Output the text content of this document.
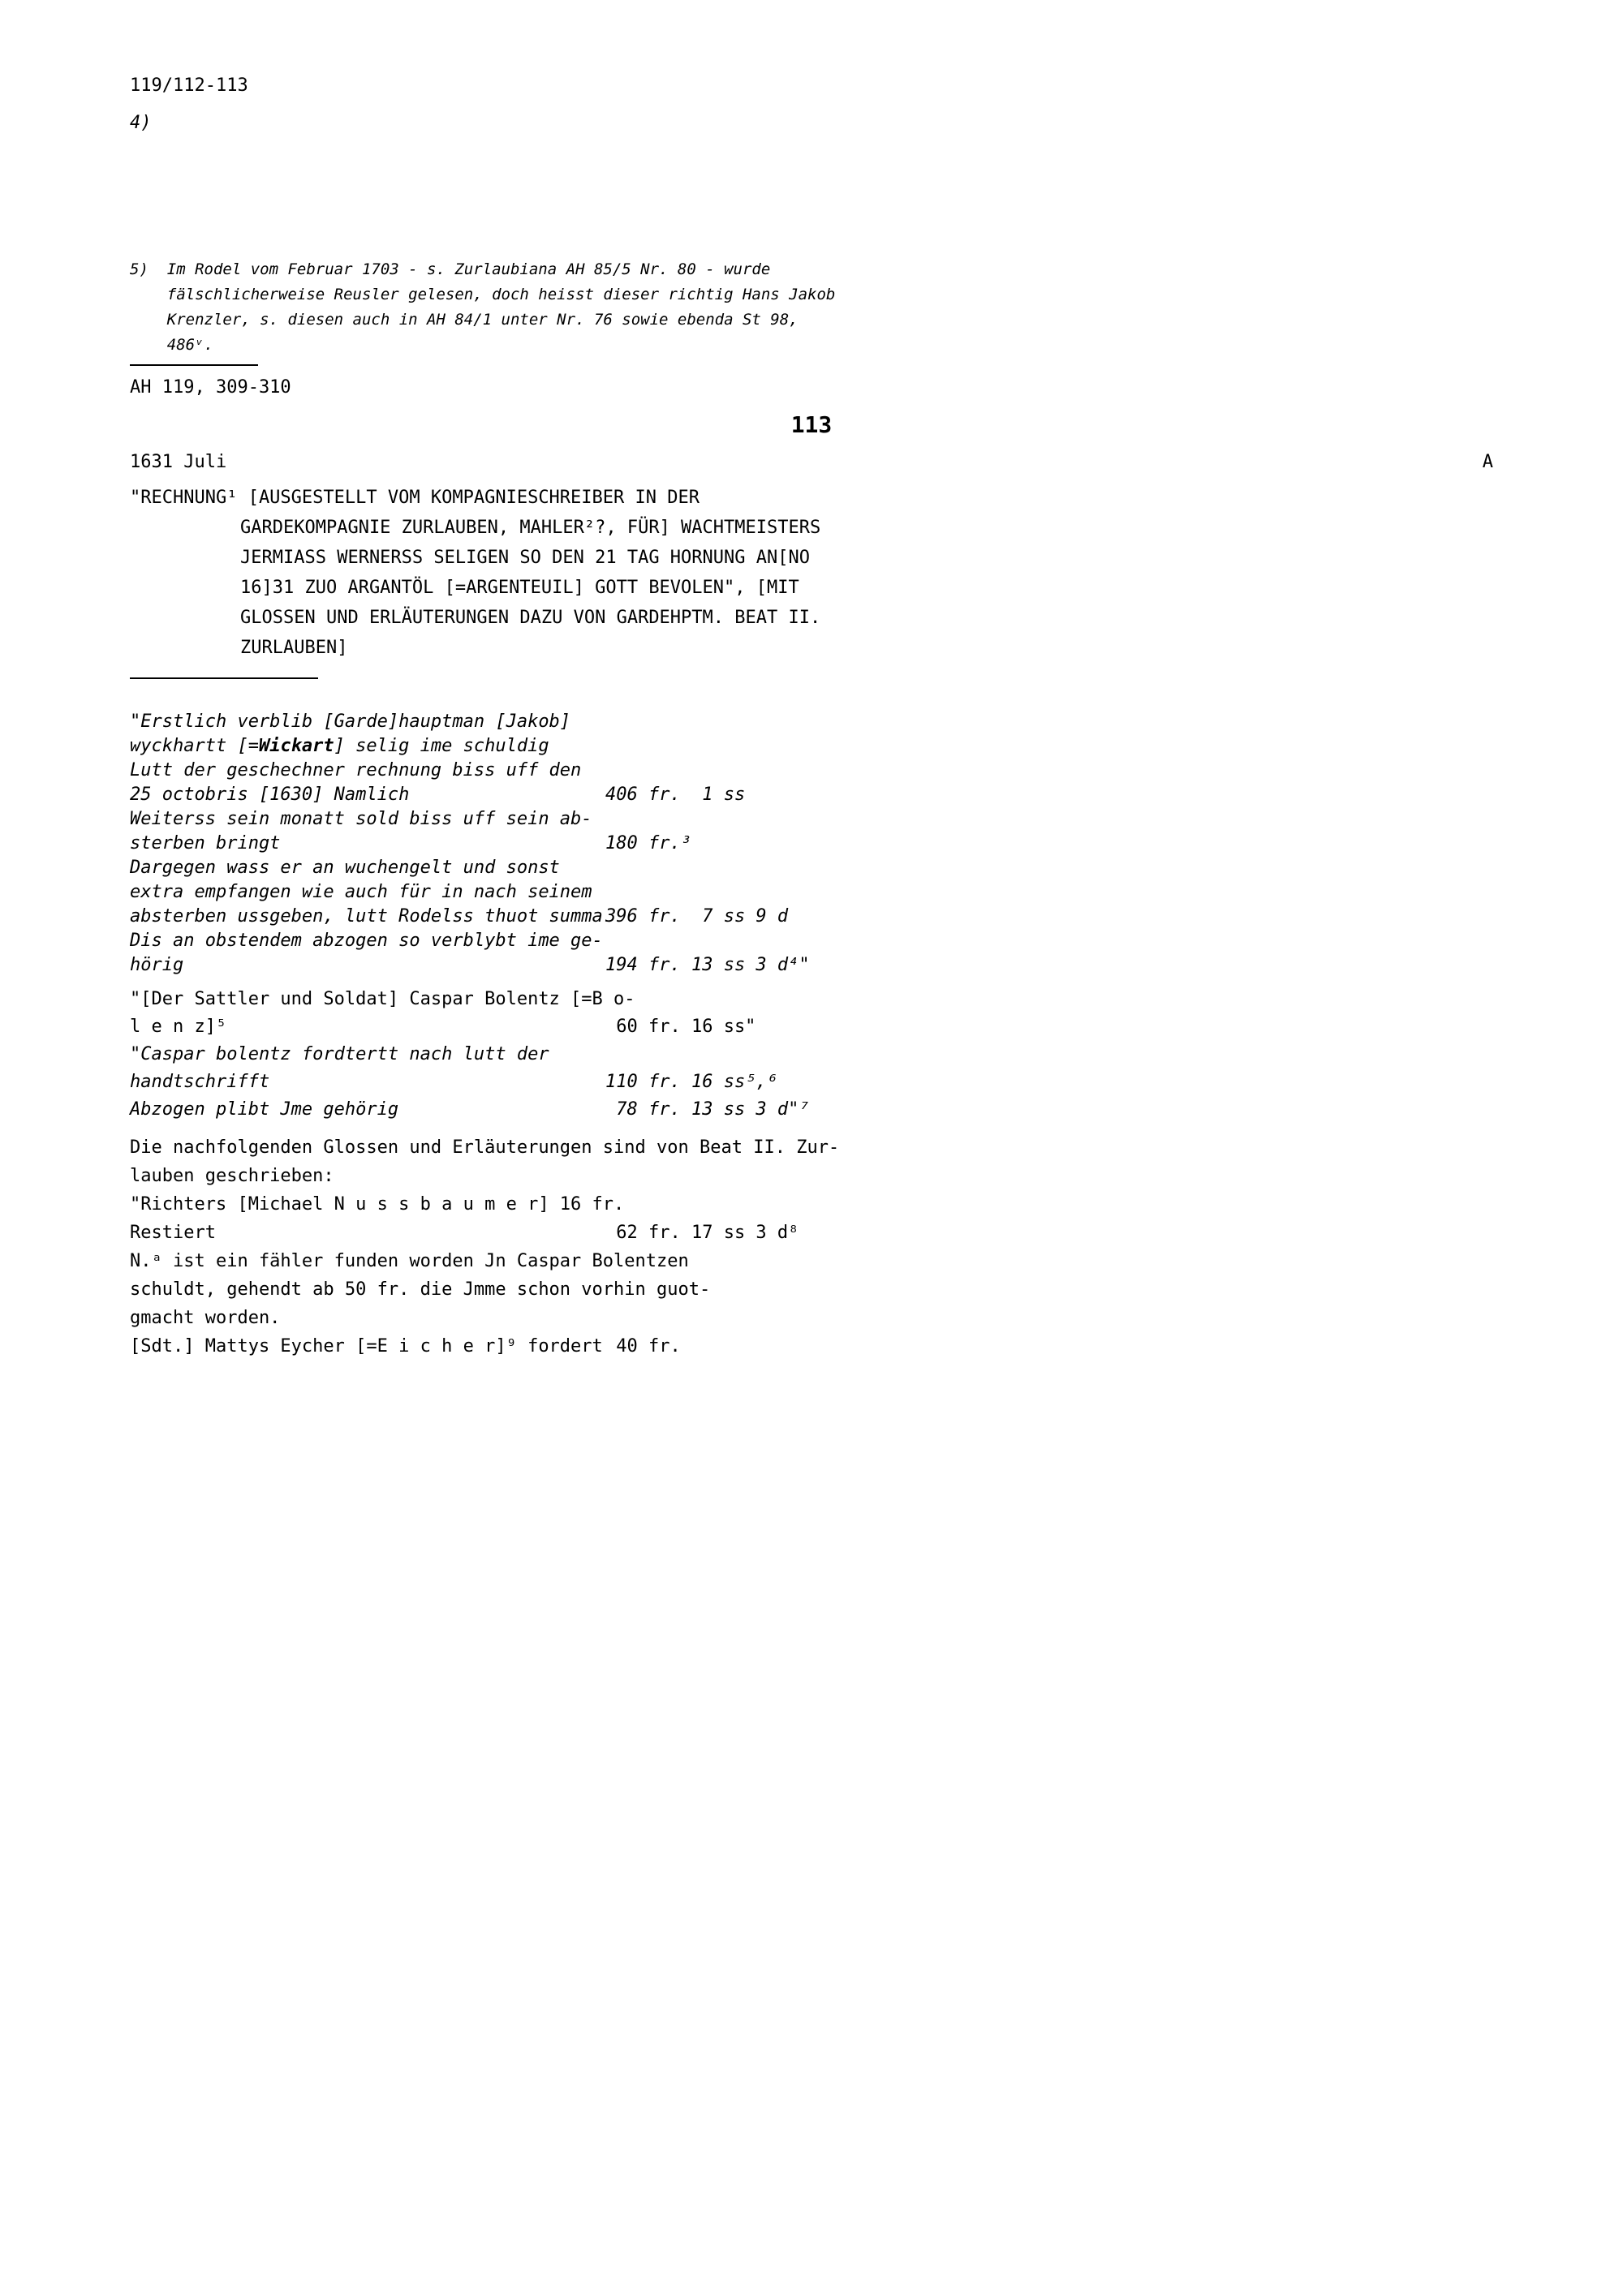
119/112-113
4)
5)	Im Rodel vom Februar 1703 - s. Zurlaubiana AH 85/5 Nr. 80 - wurde
fälschlicherweise Reusler gelesen, doch heisst dieser richtig Hans Jakob
Krenzler, s. diesen auch in AH 84/1 unter Nr. 76 sowie ebenda St 98,
486ᵛ.
AH 119, 309-310
113
1631 Juli	A
"RECHNUNG¹ [AUSGESTELLT VOM KOMPAGNIESCHREIBER IN DER
GARDEKOMPAGNIE ZURLAUBEN, MAHLER²?, FÜR] WACHTMEISTERS
JERMIASS WERNERSS SELIGEN SO DEN 21 TAG HORNUNG AN[NO
16]31 ZUO ARGANTÖL [=ARGENTEUIL] GOTT BEVOLEN", [MIT
GLOSSEN UND ERLÄUTERUNGEN DAZU VON GARDEHPTM. BEAT II.
ZURLAUBEN]
"Erstlich verblib [Garde]hauptman [Jakob]
wyckhartt [=Wickart] selig ime schuldig
Lutt der geschechner rechnung biss uff den
25 octobris [1630] Namlich	406 fr.  1 ss
Weiterss sein monatt sold biss uff sein ab-
sterben bringt	180 fr.³
Dargegen wass er an wuchengelt und sonst
extra empfangen wie auch für in nach seinem
absterben ussgeben, lutt Rodelss thuot summa 396 fr.  7 ss 9 d
Dis an obstendem abzogen so verblybt ime ge-
hörig	194 fr. 13 ss 3 d⁴"
"[Der Sattler und Soldat] Caspar Bolentz [=B o-
l e n z]⁵	60 fr. 16 ss"
"Caspar bolentz fordtertt nach lutt der
handtschrifft	110 fr. 16 ss⁵,⁶
Abzogen plibt Jme gehörig	78 fr. 13 ss 3 d"⁷
Die nachfolgenden Glossen und Erläuterungen sind von Beat II. Zur-
lauben geschrieben:
"Richters [Michael N u s s b a u m e r] 16 fr.
Restiert	62 fr. 17 ss 3 d⁸
N.ᵃ ist ein fähler funden worden Jn Caspar Bolentzen
schuldt, gehendt ab 50 fr. die Jmme schon vorhin guot-
gmacht worden.
[Sdt.] Mattys Eycher [=E i c h e r]⁹ fordert 40 fr.
